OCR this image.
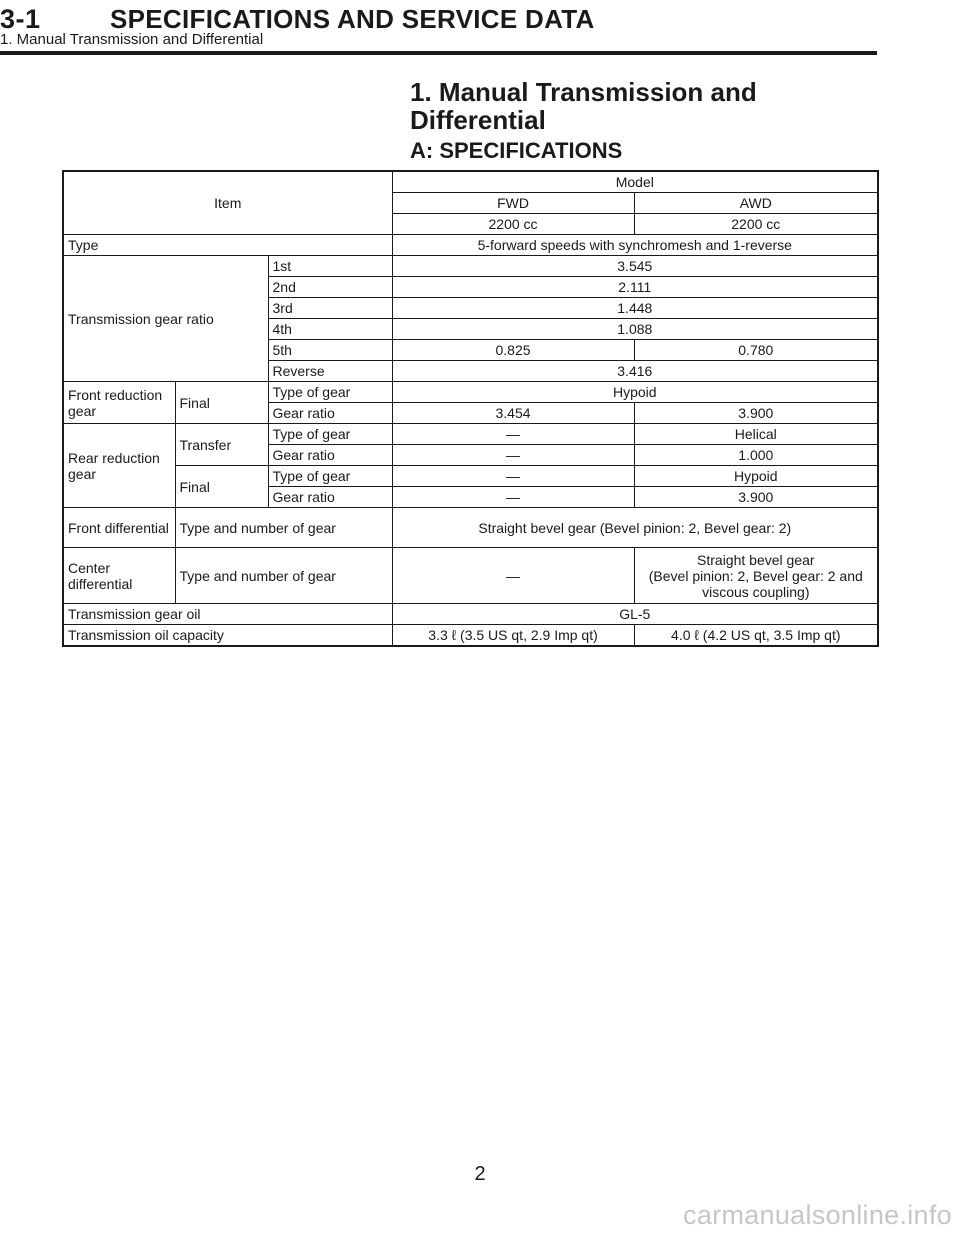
3-1	SPECIFICATIONS AND SERVICE DATA
1. Manual Transmission and Differential
1. Manual Transmission and
Differential
A: SPECIFICATIONS
Item			Model	
			FWD	AWD
			2200 cc	2200 cc
Type			5-forward speeds with synchromesh and 1-reverse	
Transmission gear ratio		1st	3.545	
		2nd	2.111	
		3rd	1.448	
		4th	1.088	
		5th	0.825	0.780
		Reverse	3.416	
Front reduction gear	Final	Type of gear	Hypoid	
		Gear ratio	3.454	3.900
Rear reduction gear	Transfer	Type of gear	—	Helical
		Gear ratio	—	1.000
	Final	Type of gear	—	Hypoid
		Gear ratio	—	3.900
Front differential	Type and number of gear		Straight bevel gear (Bevel pinion: 2, Bevel gear: 2)	
Center differential	Type and number of gear		—	Straight bevel gear
(Bevel pinion: 2, Bevel gear: 2 and
viscous coupling)

Transmission gear oil			GL-5	
Transmission oil capacity			3.3 ℓ (3.5 US qt, 2.9 Imp qt)	4.0 ℓ (4.2 US qt, 3.5 Imp qt)
2
carmanualsonline.info
